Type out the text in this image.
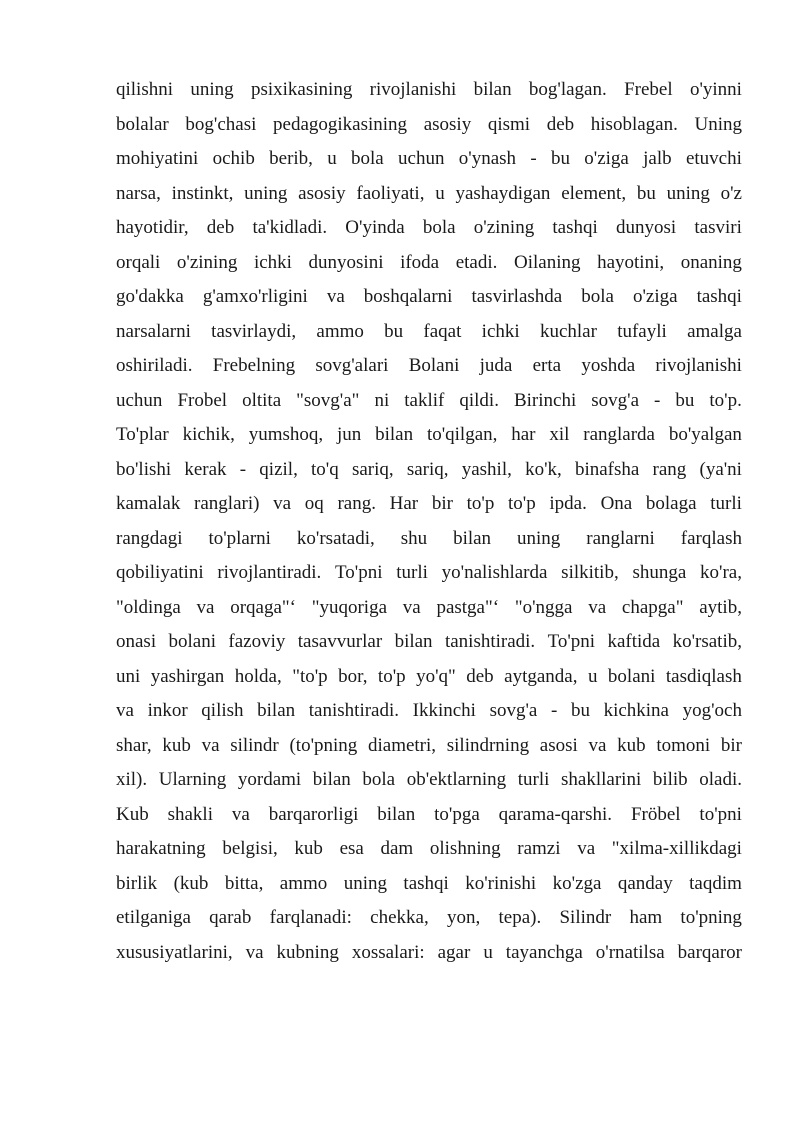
qilishni uning psixikasining rivojlanishi bilan bog'lagan. Frebel o'yinni
bolalar bog'chasi pedagogikasining asosiy qismi deb hisoblagan. Uning
mohiyatini ochib berib, u bola uchun o'ynash - bu o'ziga jalb etuvchi
narsa, instinkt, uning asosiy faoliyati, u yashaydigan element, bu uning o'z
hayotidir, deb ta'kidladi. O'yinda bola o'zining tashqi dunyosi tasviri
orqali o'zining ichki dunyosini ifoda etadi. Oilaning hayotini, onaning
go'dakka g'amxo'rligini va boshqalarni tasvirlashda bola o'ziga tashqi
narsalarni tasvirlaydi, ammo bu faqat ichki kuchlar tufayli amalga
oshiriladi. Frebelning sovg'alari Bolani juda erta yoshda rivojlanishi
uchun Frobel oltita "sovg'a" ni taklif qildi. Birinchi sovg'a - bu to'p.
To'plar kichik, yumshoq, jun bilan to'qilgan, har xil ranglarda bo'yalgan
bo'lishi kerak - qizil, to'q sariq, sariq, yashil, ko'k, binafsha rang (ya'ni
kamalak ranglari) va oq rang. Har bir to'p to'p ipda. Ona bolaga turli
rangdagi to'plarni ko'rsatadi, shu bilan uning ranglarni farqlash
qobiliyatini rivojlantiradi. To'pni turli yo'nalishlarda silkitib, shunga ko'ra,
"oldinga va orqaga"‘ "yuqoriga va pastga"‘ "o'ngga va chapga" aytib,
onasi bolani fazoviy tasavvurlar bilan tanishtiradi. To'pni kaftida ko'rsatib,
uni yashirgan holda, "to'p bor, to'p yo'q" deb aytganda, u bolani tasdiqlash
va inkor qilish bilan tanishtiradi. Ikkinchi sovg'a - bu kichkina yog'och
shar, kub va silindr (to'pning diametri, silindrning asosi va kub tomoni bir
xil). Ularning yordami bilan bola ob'ektlarning turli shakllarini bilib oladi.
Kub shakli va barqarorligi bilan to'pga qarama-qarshi. Fröbel to'pni
harakatning belgisi, kub esa dam olishning ramzi va "xilma-xillikdagi
birlik (kub bitta, ammo uning tashqi ko'rinishi ko'zga qanday taqdim
etilganiga qarab farqlanadi: chekka, yon, tepa). Silindr ham to'pning
xususiyatlarini, va kubning xossalari: agar u tayanchga o'rnatilsa barqaror
